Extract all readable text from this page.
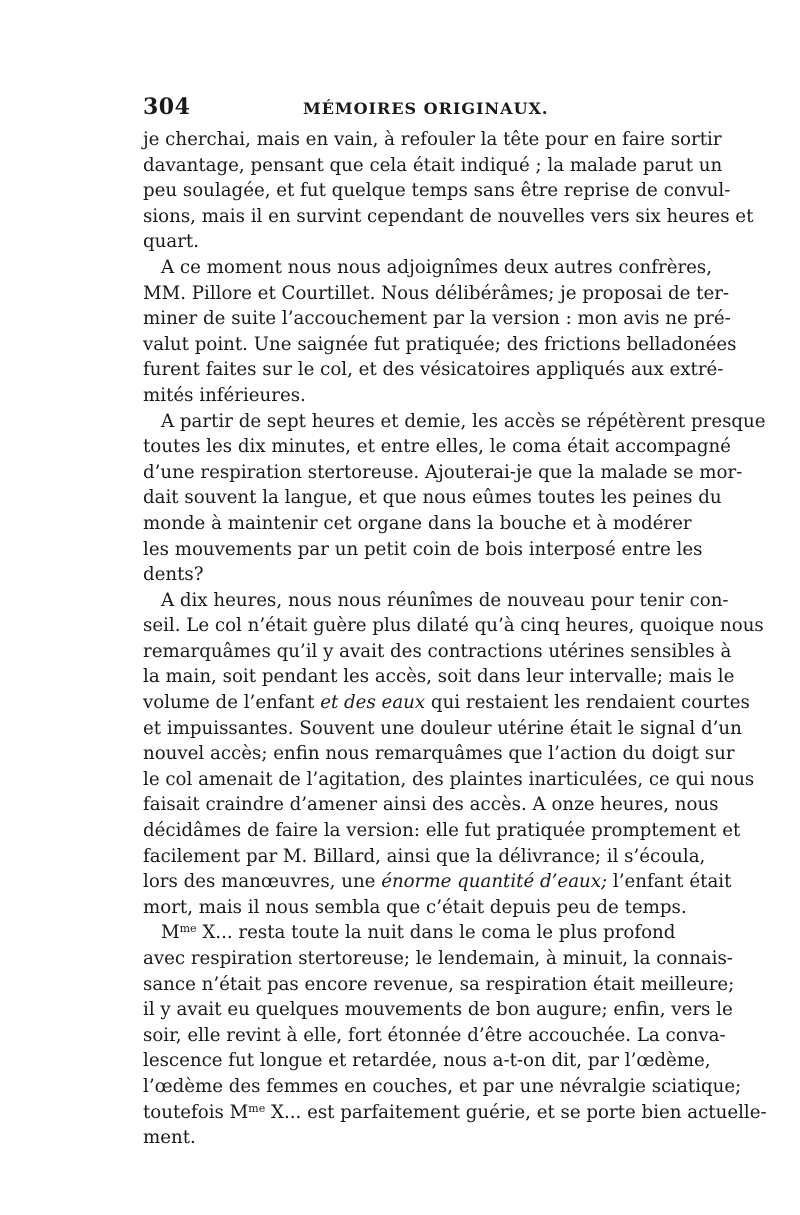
304	MÉMOIRES ORIGINAUX.
je cherchai, mais en vain, à refouler la tête pour en faire sortir
davantage, pensant que cela était indiqué ; la malade parut un
peu soulagée, et fut quelque temps sans être reprise de convul-
sions, mais il en survint cependant de nouvelles vers six heures et
quart.
A ce moment nous nous adjoignîmes deux autres confrères,
MM. Pillore et Courtillet. Nous délibérâmes; je proposai de ter-
miner de suite l’accouchement par la version : mon avis ne pré-
valut point. Une saignée fut pratiquée; des frictions belladonées
furent faites sur le col, et des vésicatoires appliqués aux extré-
mités inférieures.
A partir de sept heures et demie, les accès se répétèrent presque
toutes les dix minutes, et entre elles, le coma était accompagné
d’une respiration stertoreuse. Ajouterai-je que la malade se mor-
dait souvent la langue, et que nous eûmes toutes les peines du
monde à maintenir cet organe dans la bouche et à modérer
les mouvements par un petit coin de bois interposé entre les
dents?
A dix heures, nous nous réunîmes de nouveau pour tenir con-
seil. Le col n’était guère plus dilaté qu’à cinq heures, quoique nous
remarquâmes qu’il y avait des contractions utérines sensibles à
la main, soit pendant les accès, soit dans leur intervalle; mais le
volume de l’enfant et des eaux qui restaient les rendaient courtes
et impuissantes. Souvent une douleur utérine était le signal d’un
nouvel accès; enfin nous remarquâmes que l’action du doigt sur
le col amenait de l’agitation, des plaintes inarticulées, ce qui nous
faisait craindre d’amener ainsi des accès. A onze heures, nous
décidâmes de faire la version: elle fut pratiquée promptement et
facilement par M. Billard, ainsi que la délivrance; il s’écoula,
lors des manœuvres, une énorme quantité d’eaux; l’enfant était
mort, mais il nous sembla que c’était depuis peu de temps.
$M^{me}$ X... resta toute la nuit dans le coma le plus profond
avec respiration stertoreuse; le lendemain, à minuit, la connais-
sance n’était pas encore revenue, sa respiration était meilleure;
il y avait eu quelques mouvements de bon augure; enfin, vers le
soir, elle revint à elle, fort étonnée d’être accouchée. La conva-
lescence fut longue et retardée, nous a-t-on dit, par l’œdème,
l’œdème des femmes en couches, et par une névralgie sciatique;
toutefois $M^{me}$ X... est parfaitement guérie, et se porte bien actuelle-
ment.
